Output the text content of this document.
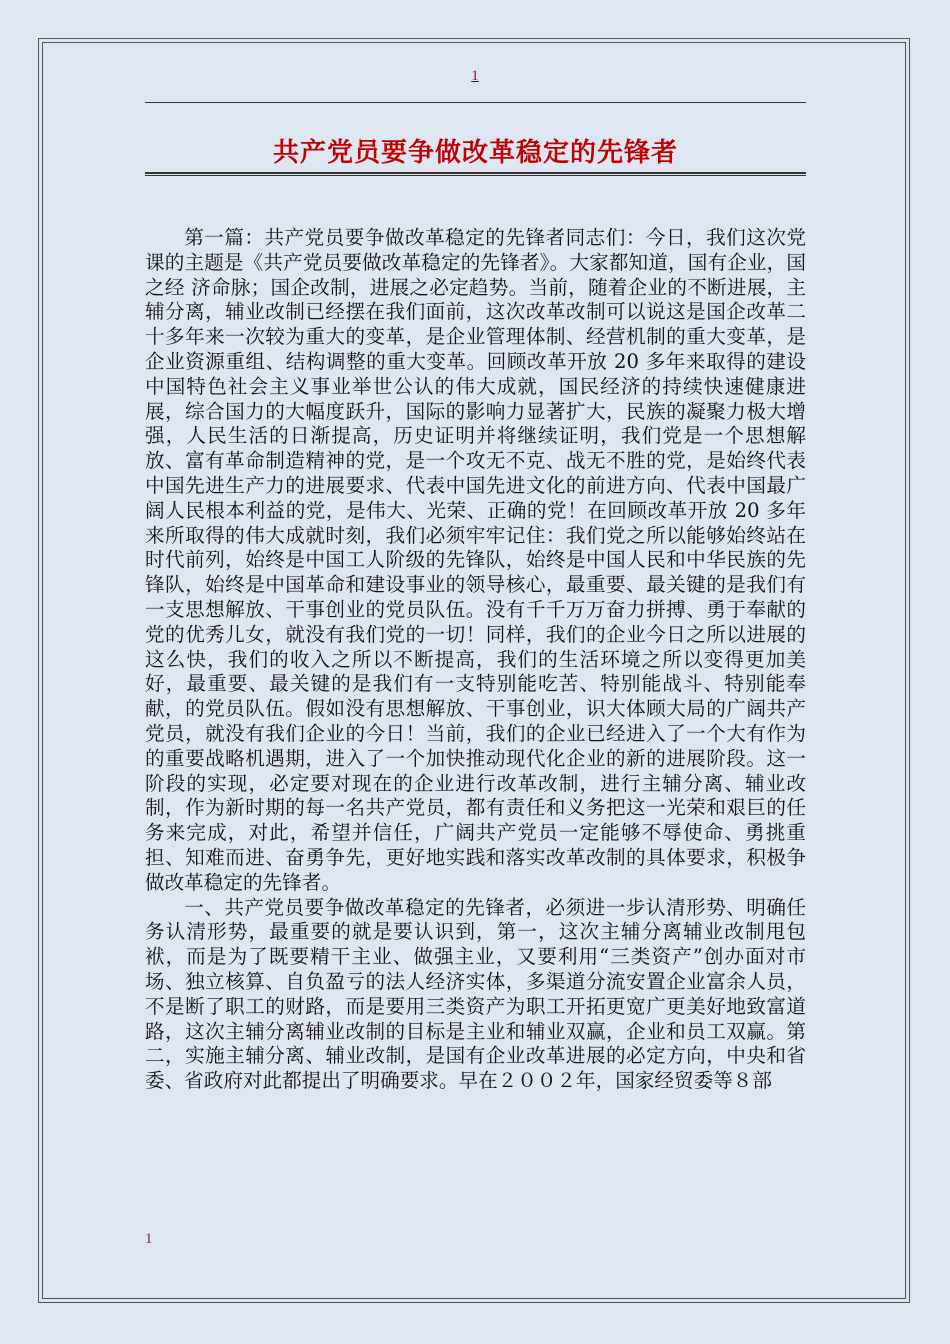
1
共产党员要争做改革稳定的先锋者

第一篇：共产党员要争做改革稳定的先锋者同志们：今日，我们这次党课的主题是《共产党员要做改革稳定的先锋者》。大家都知道，国有企业，国之经 济命脉；国企改制，进展之必定趋势。当前，随着企业的不断进展，主辅分离，辅业改制已经摆在我们面前，这次改革改制可以说这是国企改革二十多年来一次较为重大的变革，是企业管理体制、经营机制的重大变革，是企业资源重组、结构调整的重大变革。回顾改革开放 20 多年来取得的建设中国特色社会主义事业举世公认的伟大成就，国民经济的持续快速健康进展，综合国力的大幅度跃升，国际的影响力显著扩大，民族的凝聚力极大增强，人民生活的日渐提高，历史证明并将继续证明，我们党是一个思想解放、富有革命制造精神的党，是一个攻无不克、战无不胜的党，是始终代表中国先进生产力的进展要求、代表中国先进文化的前进方向、代表中国最广阔人民根本利益的党，是伟大、光荣、正确的党！在回顾改革开放 20 多年来所取得的伟大成就时刻，我们必须牢牢记住：我们党之所以能够始终站在时代前列，始终是中国工人阶级的先锋队，始终是中国人民和中华民族的先锋队，始终是中国革命和建设事业的领导核心，最重要、最关键的是我们有一支思想解放、干事创业的党员队伍。没有千千万万奋力拼搏、勇于奉献的党的优秀儿女，就没有我们党的一切！同样，我们的企业今日之所以进展的这么快，我们的收入之所以不断提高，我们的生活环境之所以变得更加美好，最重要、最关键的是我们有一支特别能吃苦、特别能战斗、特别能奉献，的党员队伍。假如没有思想解放、干事创业，识大体顾大局的广阔共产党员，就没有我们企业的今日！当前，我们的企业已经进入了一个大有作为的重要战略机遇期，进入了一个加快推动现代化企业的新的进展阶段。这一阶段的实现，必定要对现在的企业进行改革改制，进行主辅分离、辅业改制，作为新时期的每一名共产党员，都有责任和义务把这一光荣和艰巨的任务来完成，对此，希望并信任，广阔共产党员一定能够不辱使命、勇挑重担、知难而进、奋勇争先，更好地实践和落实改革改制的具体要求，积极争做改革稳定的先锋者。

一、共产党员要争做改革稳定的先锋者，必须进一步认清形势、明确任务认清形势，最重要的就是要认识到，第一，这次主辅分离辅业改制甩包袱，而是为了既要精干主业、做强主业，又要利用“三类资产”创办面对市场、独立核算、自负盈亏的法人经济实体，多渠道分流安置企业富余人员，不是断了职工的财路，而是要用三类资产为职工开拓更宽广更美好地致富道路，这次主辅分离辅业改制的目标是主业和辅业双赢，企业和员工双赢。第二，实施主辅分离、辅业改制，是国有企业改革进展的必定方向，中央和省委、省政府对此都提出了明确要求。早在２００２年，国家经贸委等８部

1
